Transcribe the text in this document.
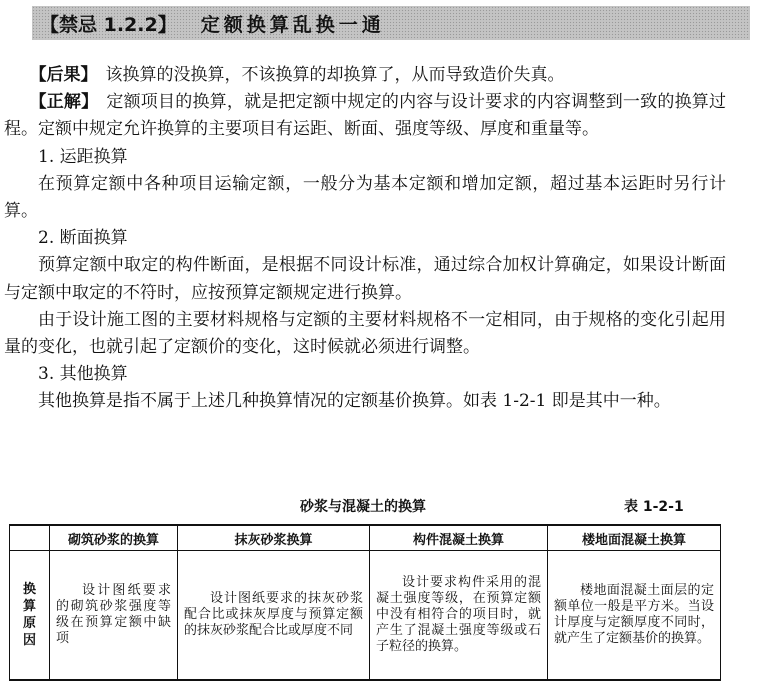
【禁忌 1.2.2】 定额换算乱换一通

【后果】 该换算的没换算，不该换算的却换算了，从而导致造价失真。

【正解】 定额项目的换算，就是把定额中规定的内容与设计要求的内容调整到一致的换算过程。定额中规定允许换算的主要项目有运距、断面、强度等级、厚度和重量等。

1. 运距换算

在预算定额中各种项目运输定额，一般分为基本定额和增加定额，超过基本运距时另行计算。

2. 断面换算

预算定额中取定的构件断面，是根据不同设计标准，通过综合加权计算确定，如果设计断面与定额中取定的不符时，应按预算定额规定进行换算。

由于设计施工图的主要材料规格与定额的主要材料规格不一定相同，由于规格的变化引起用量的变化，也就引起了定额价的变化，这时候就必须进行调整。

3. 其他换算

其他换算是指不属于上述几种换算情况的定额基价换算。如表 1-2-1 即是其中一种。

砂浆与混凝土的换算	表 1-2-1
	砌筑砂浆的换算	抹灰砂浆换算	构件混凝土换算	楼地面混凝土换算
换算原因	设计图纸要求的砌筑砂浆强度等级在预算定额中缺项	设计图纸要求的抹灰砂浆配合比或抹灰厚度与预算定额的抹灰砂浆配合比或厚度不同	设计要求构件采用的混凝土强度等级，在预算定额中没有相符合的项目时，就产生了混凝土强度等级或石子粒径的换算。	楼地面混凝土面层的定额单位一般是平方米。当设计厚度与定额厚度不同时，就产生了定额基价的换算。
